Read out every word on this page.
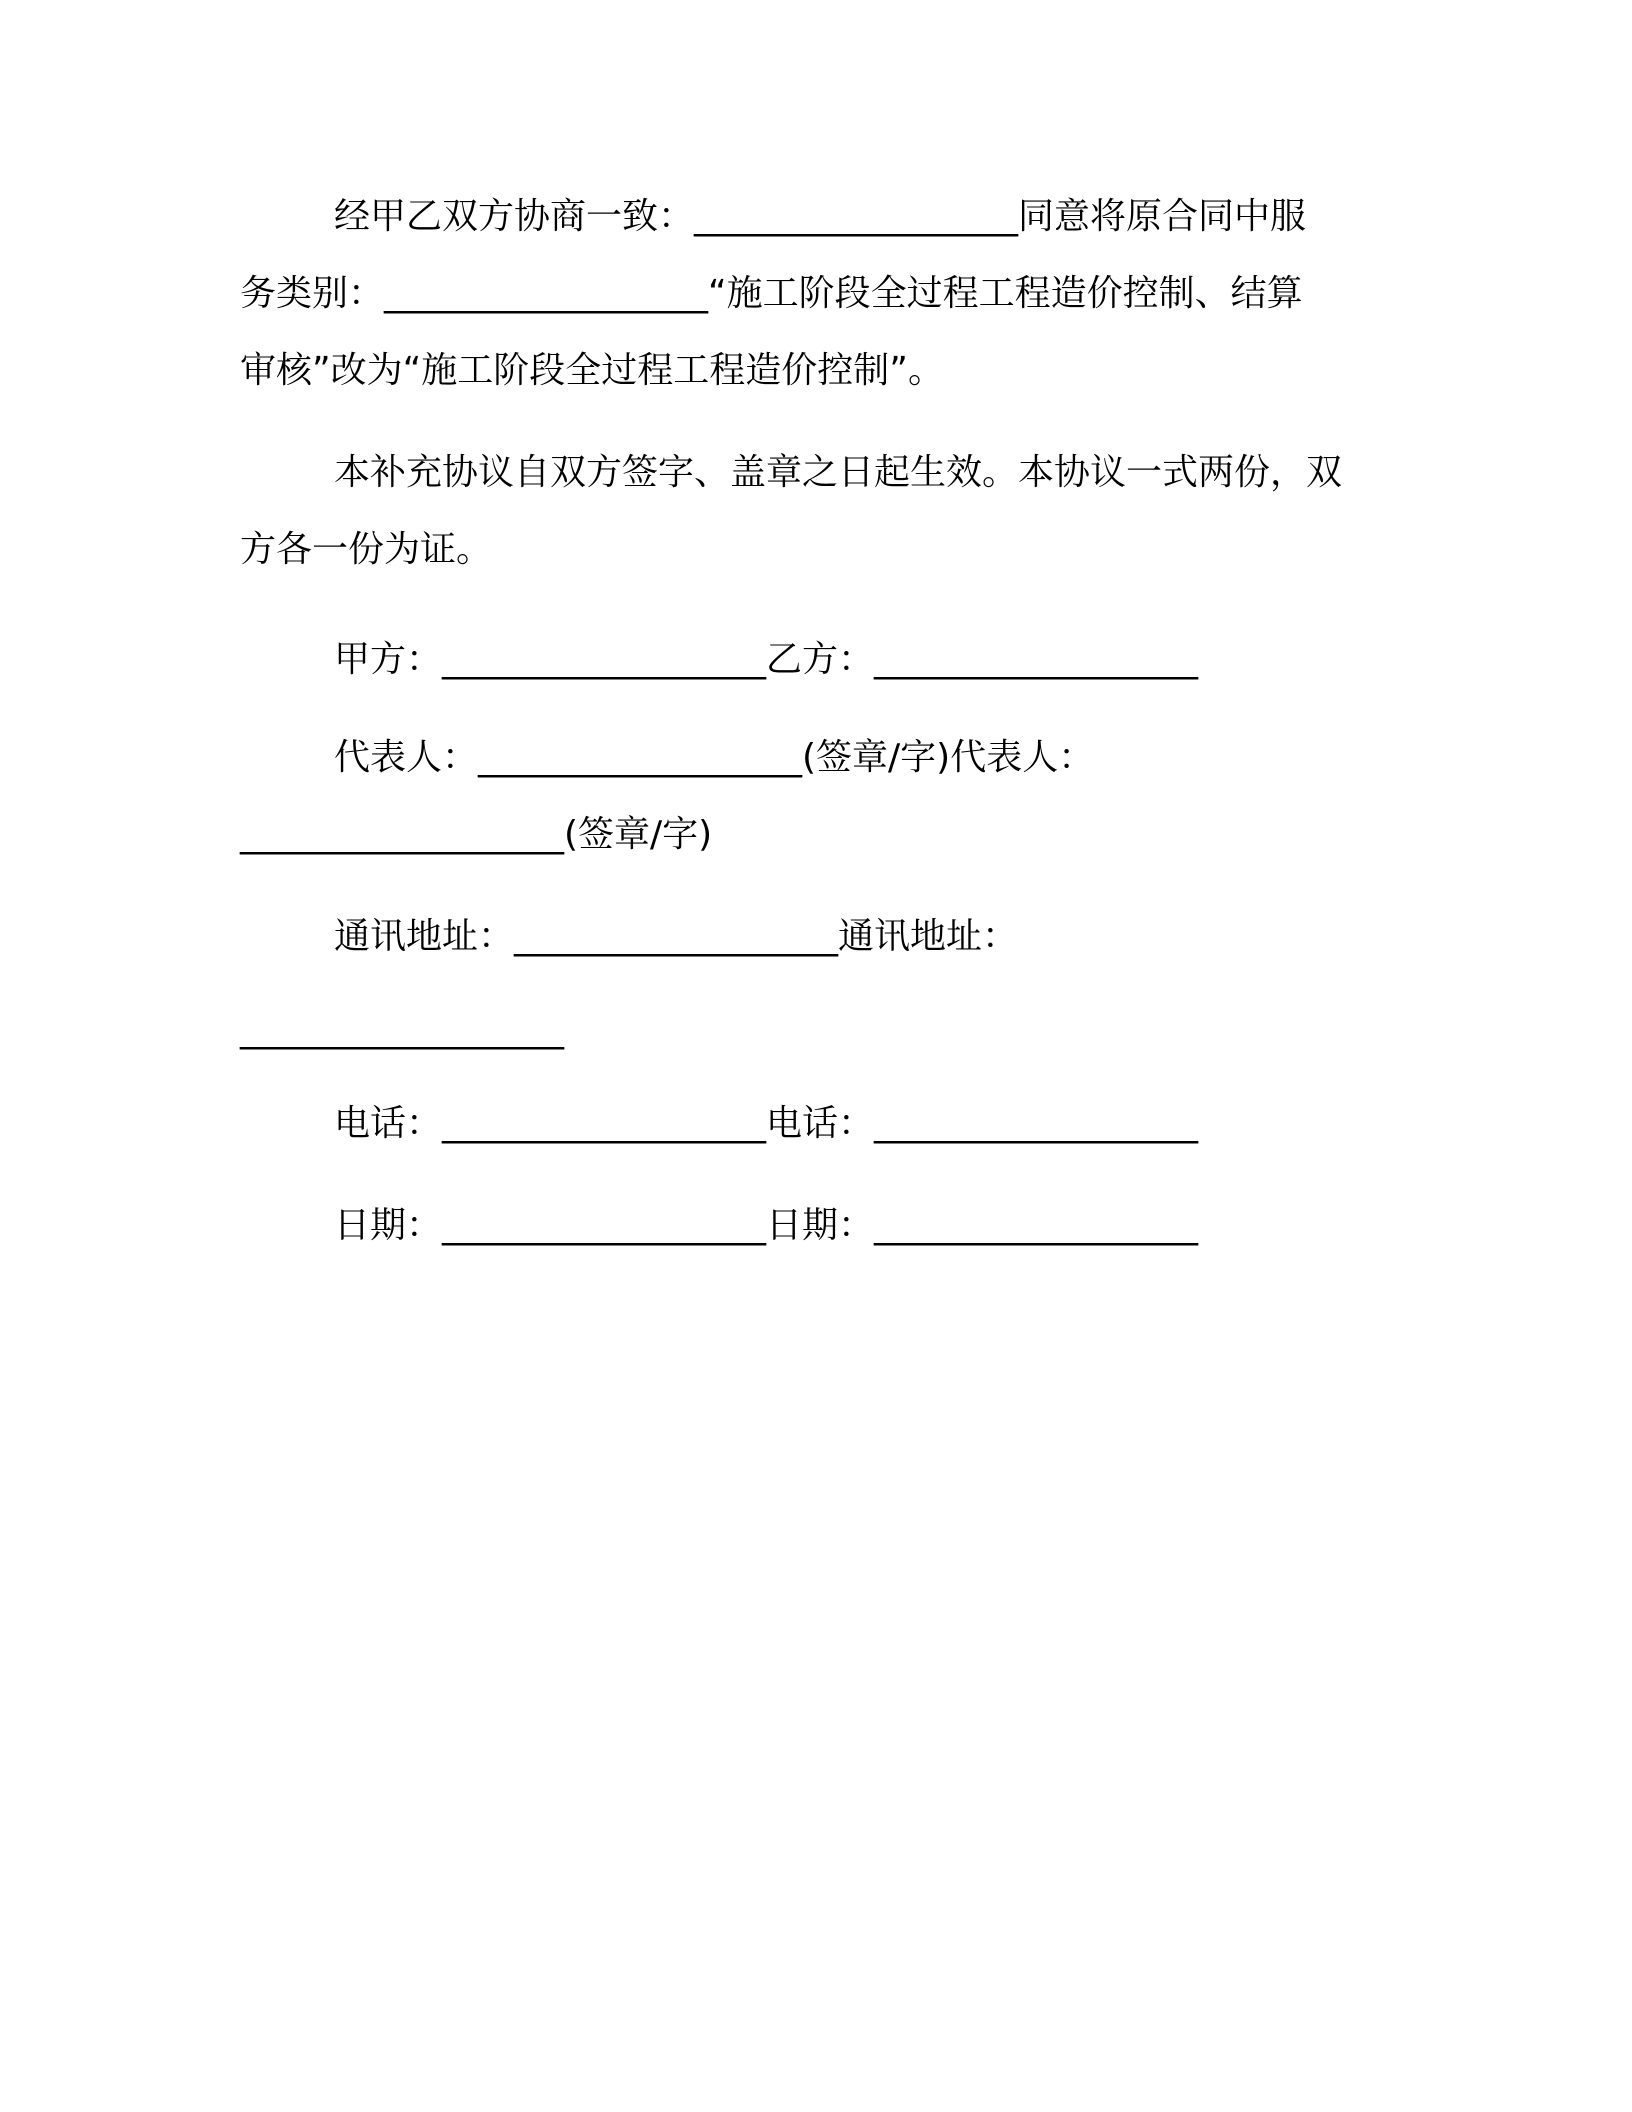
经甲乙双方协商一致：__________________同意将原合同中服
务类别：__________________“施工阶段全过程工程造价控制、结算
审核”改为“施工阶段全过程工程造价控制”。
本补充协议自双方签字、盖章之日起生效。本协议一式两份，双
方各一份为证。
甲方：__________________乙方：__________________
代表人：__________________(签章/字)代表人：
__________________(签章/字)
通讯地址：__________________通讯地址：
__________________
电话：__________________电话：__________________
日期：__________________日期：__________________
